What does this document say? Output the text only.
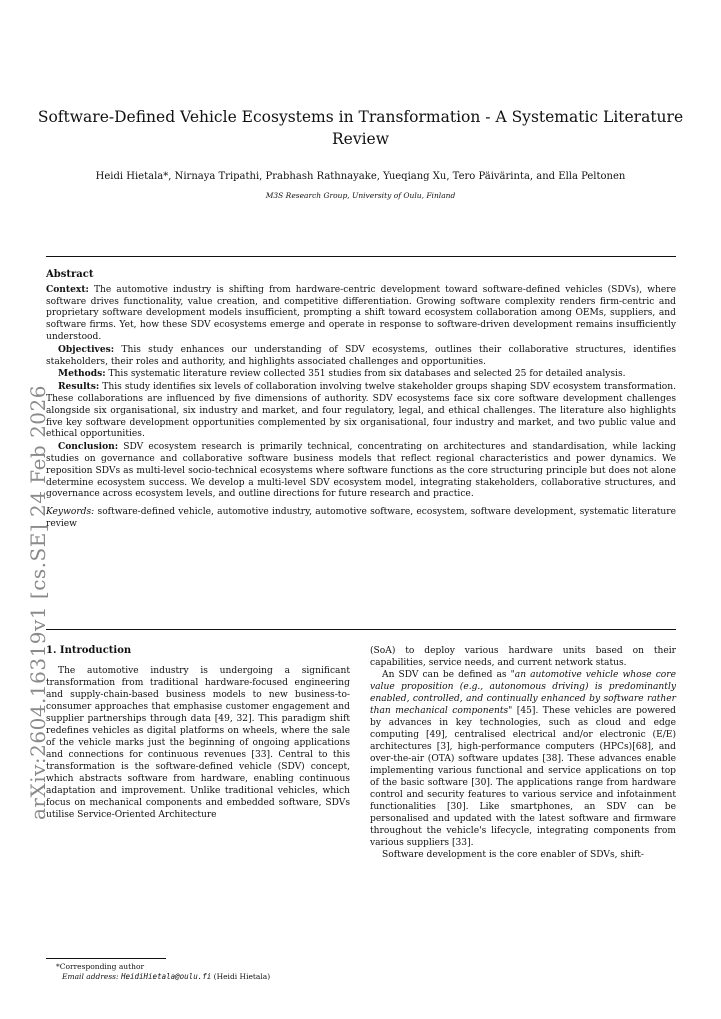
arXiv:2604.16319v1 [cs.SE] 24 Feb 2026
Software-Defined Vehicle Ecosystems in Transformation - A Systematic Literature Review
Heidi Hietala*, Nirnaya Tripathi, Prabhash Rathnayake, Yueqiang Xu, Tero Päivärinta, and Ella Peltonen
M3S Research Group, University of Oulu, Finland
Abstract

Context: The automotive industry is shifting from hardware-centric development toward software-defined vehicles (SDVs), where software drives functionality, value creation, and competitive differentiation. Growing software complexity renders firm-centric and proprietary software development models insufficient, prompting a shift toward ecosystem collaboration among OEMs, suppliers, and software firms. Yet, how these SDV ecosystems emerge and operate in response to software-driven development remains insufficiently understood.

Objectives: This study enhances our understanding of SDV ecosystems, outlines their collaborative structures, identifies stakeholders, their roles and authority, and highlights associated challenges and opportunities.

Methods: This systematic literature review collected 351 studies from six databases and selected 25 for detailed analysis.

Results: This study identifies six levels of collaboration involving twelve stakeholder groups shaping SDV ecosystem transformation. These collaborations are influenced by five dimensions of authority. SDV ecosystems face six core software development challenges alongside six organisational, six industry and market, and four regulatory, legal, and ethical challenges. The literature also highlights five key software development opportunities complemented by six organisational, four industry and market, and two public value and ethical opportunities.

Conclusion: SDV ecosystem research is primarily technical, concentrating on architectures and standardisation, while lacking studies on governance and collaborative software business models that reflect regional characteristics and power dynamics. We reposition SDVs as multi-level socio-technical ecosystems where software functions as the core structuring principle but does not alone determine ecosystem success. We develop a multi-level SDV ecosystem model, integrating stakeholders, collaborative structures, and governance across ecosystem levels, and outline directions for future research and practice.

Keywords: software-defined vehicle, automotive industry, automotive software, ecosystem, software development, systematic literature review

1. Introduction

The automotive industry is undergoing a significant transformation from traditional hardware-focused engineering and supply-chain-based business models to new business-to-consumer approaches that emphasise customer engagement and supplier partnerships through data [49, 32]. This paradigm shift redefines vehicles as digital platforms on wheels, where the sale of the vehicle marks just the beginning of ongoing applications and connections for continuous revenues [33]. Central to this transformation is the software-defined vehicle (SDV) concept, which abstracts software from hardware, enabling continuous adaptation and improvement. Unlike traditional vehicles, which focus on mechanical components and embedded software, SDVs utilise Service-Oriented Architecture

(SoA) to deploy various hardware units based on their capabilities, service needs, and current network status.

An SDV can be defined as "an automotive vehicle whose core value proposition (e.g., autonomous driving) is predominantly enabled, controlled, and continually enhanced by software rather than mechanical components" [45]. These vehicles are powered by advances in key technologies, such as cloud and edge computing [49], centralised electrical and/or electronic (E/E) architectures [3], high-performance computers (HPCs)[68], and over-the-air (OTA) software updates [38]. These advances enable implementing various functional and service applications on top of the basic software [30]. The applications range from hardware control and security features to various service and infotainment functionalities [30]. Like smartphones, an SDV can be personalised and updated with the latest software and firmware throughout the vehicle's lifecycle, integrating components from various suppliers [33].

Software development is the core enabler of SDVs, shift-

*Corresponding author
Email address: HeidiHietala@oulu.fi (Heidi Hietala)
